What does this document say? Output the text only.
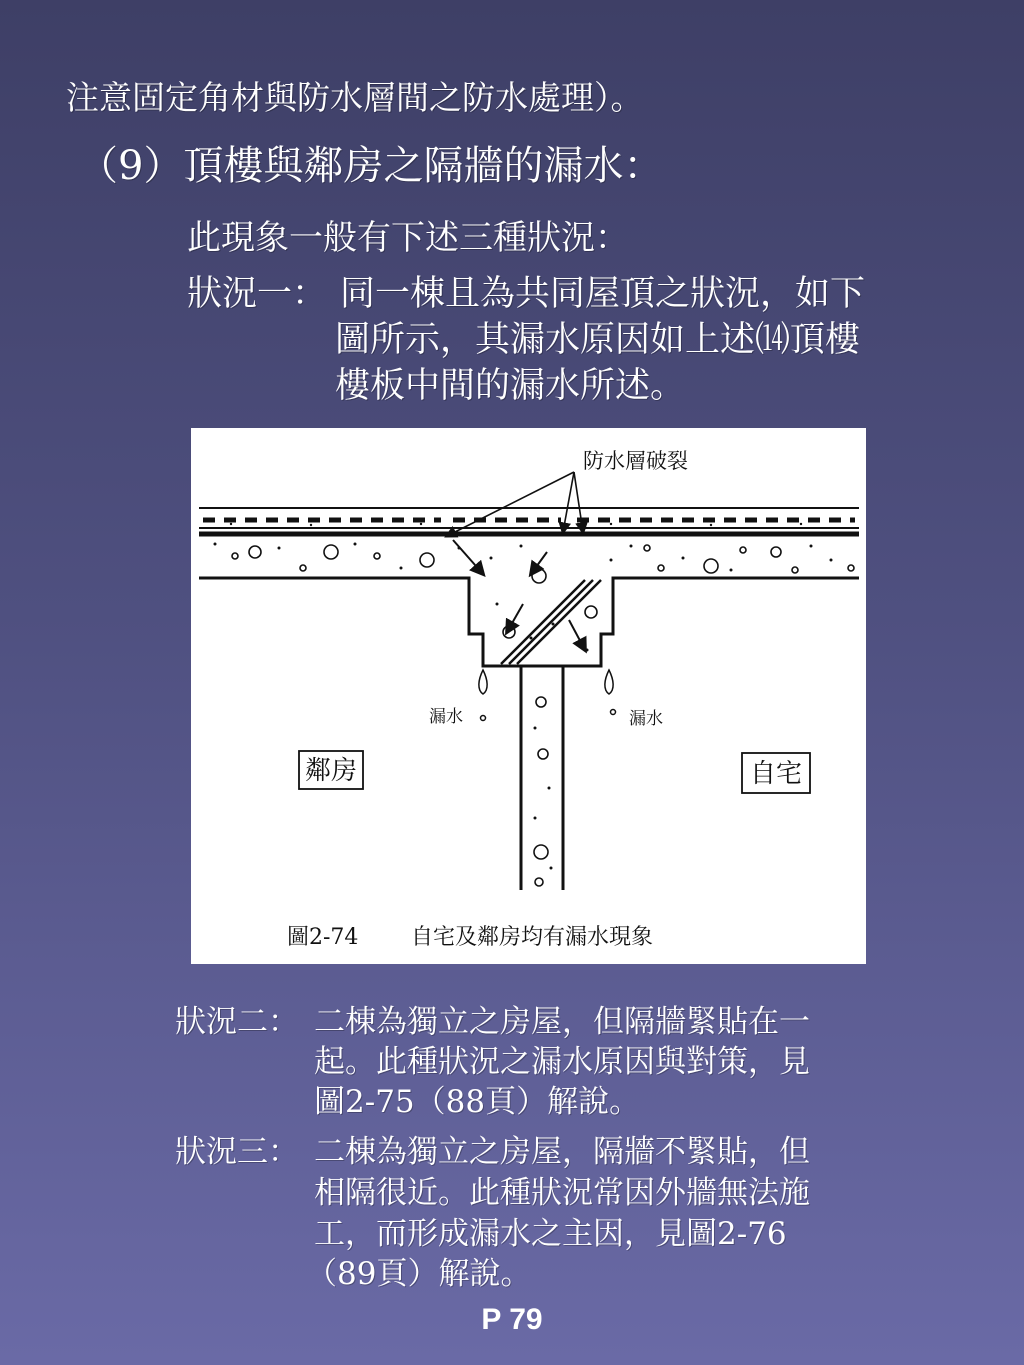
注意固定角材與防水層間之防水處理）。
（9）頂樓與鄰房之隔牆的漏水：
此現象一般有下述三種狀況：
狀況一： 同一棟且為共同屋頂之狀況，如下
圖所示，其漏水原因如上述⒁頂樓
樓板中間的漏水所述。
防水層破裂
漏水	漏水
鄰房	自宅
圖2-74 自宅及鄰房均有漏水現象
狀況二： 二棟為獨立之房屋，但隔牆緊貼在一
起。此種狀況之漏水原因與對策，見
圖2-75（88頁）解說。
狀況三： 二棟為獨立之房屋，隔牆不緊貼，但
相隔很近。此種狀況常因外牆無法施
工，而形成漏水之主因，見圖2-76
（89頁）解說。
P 79
